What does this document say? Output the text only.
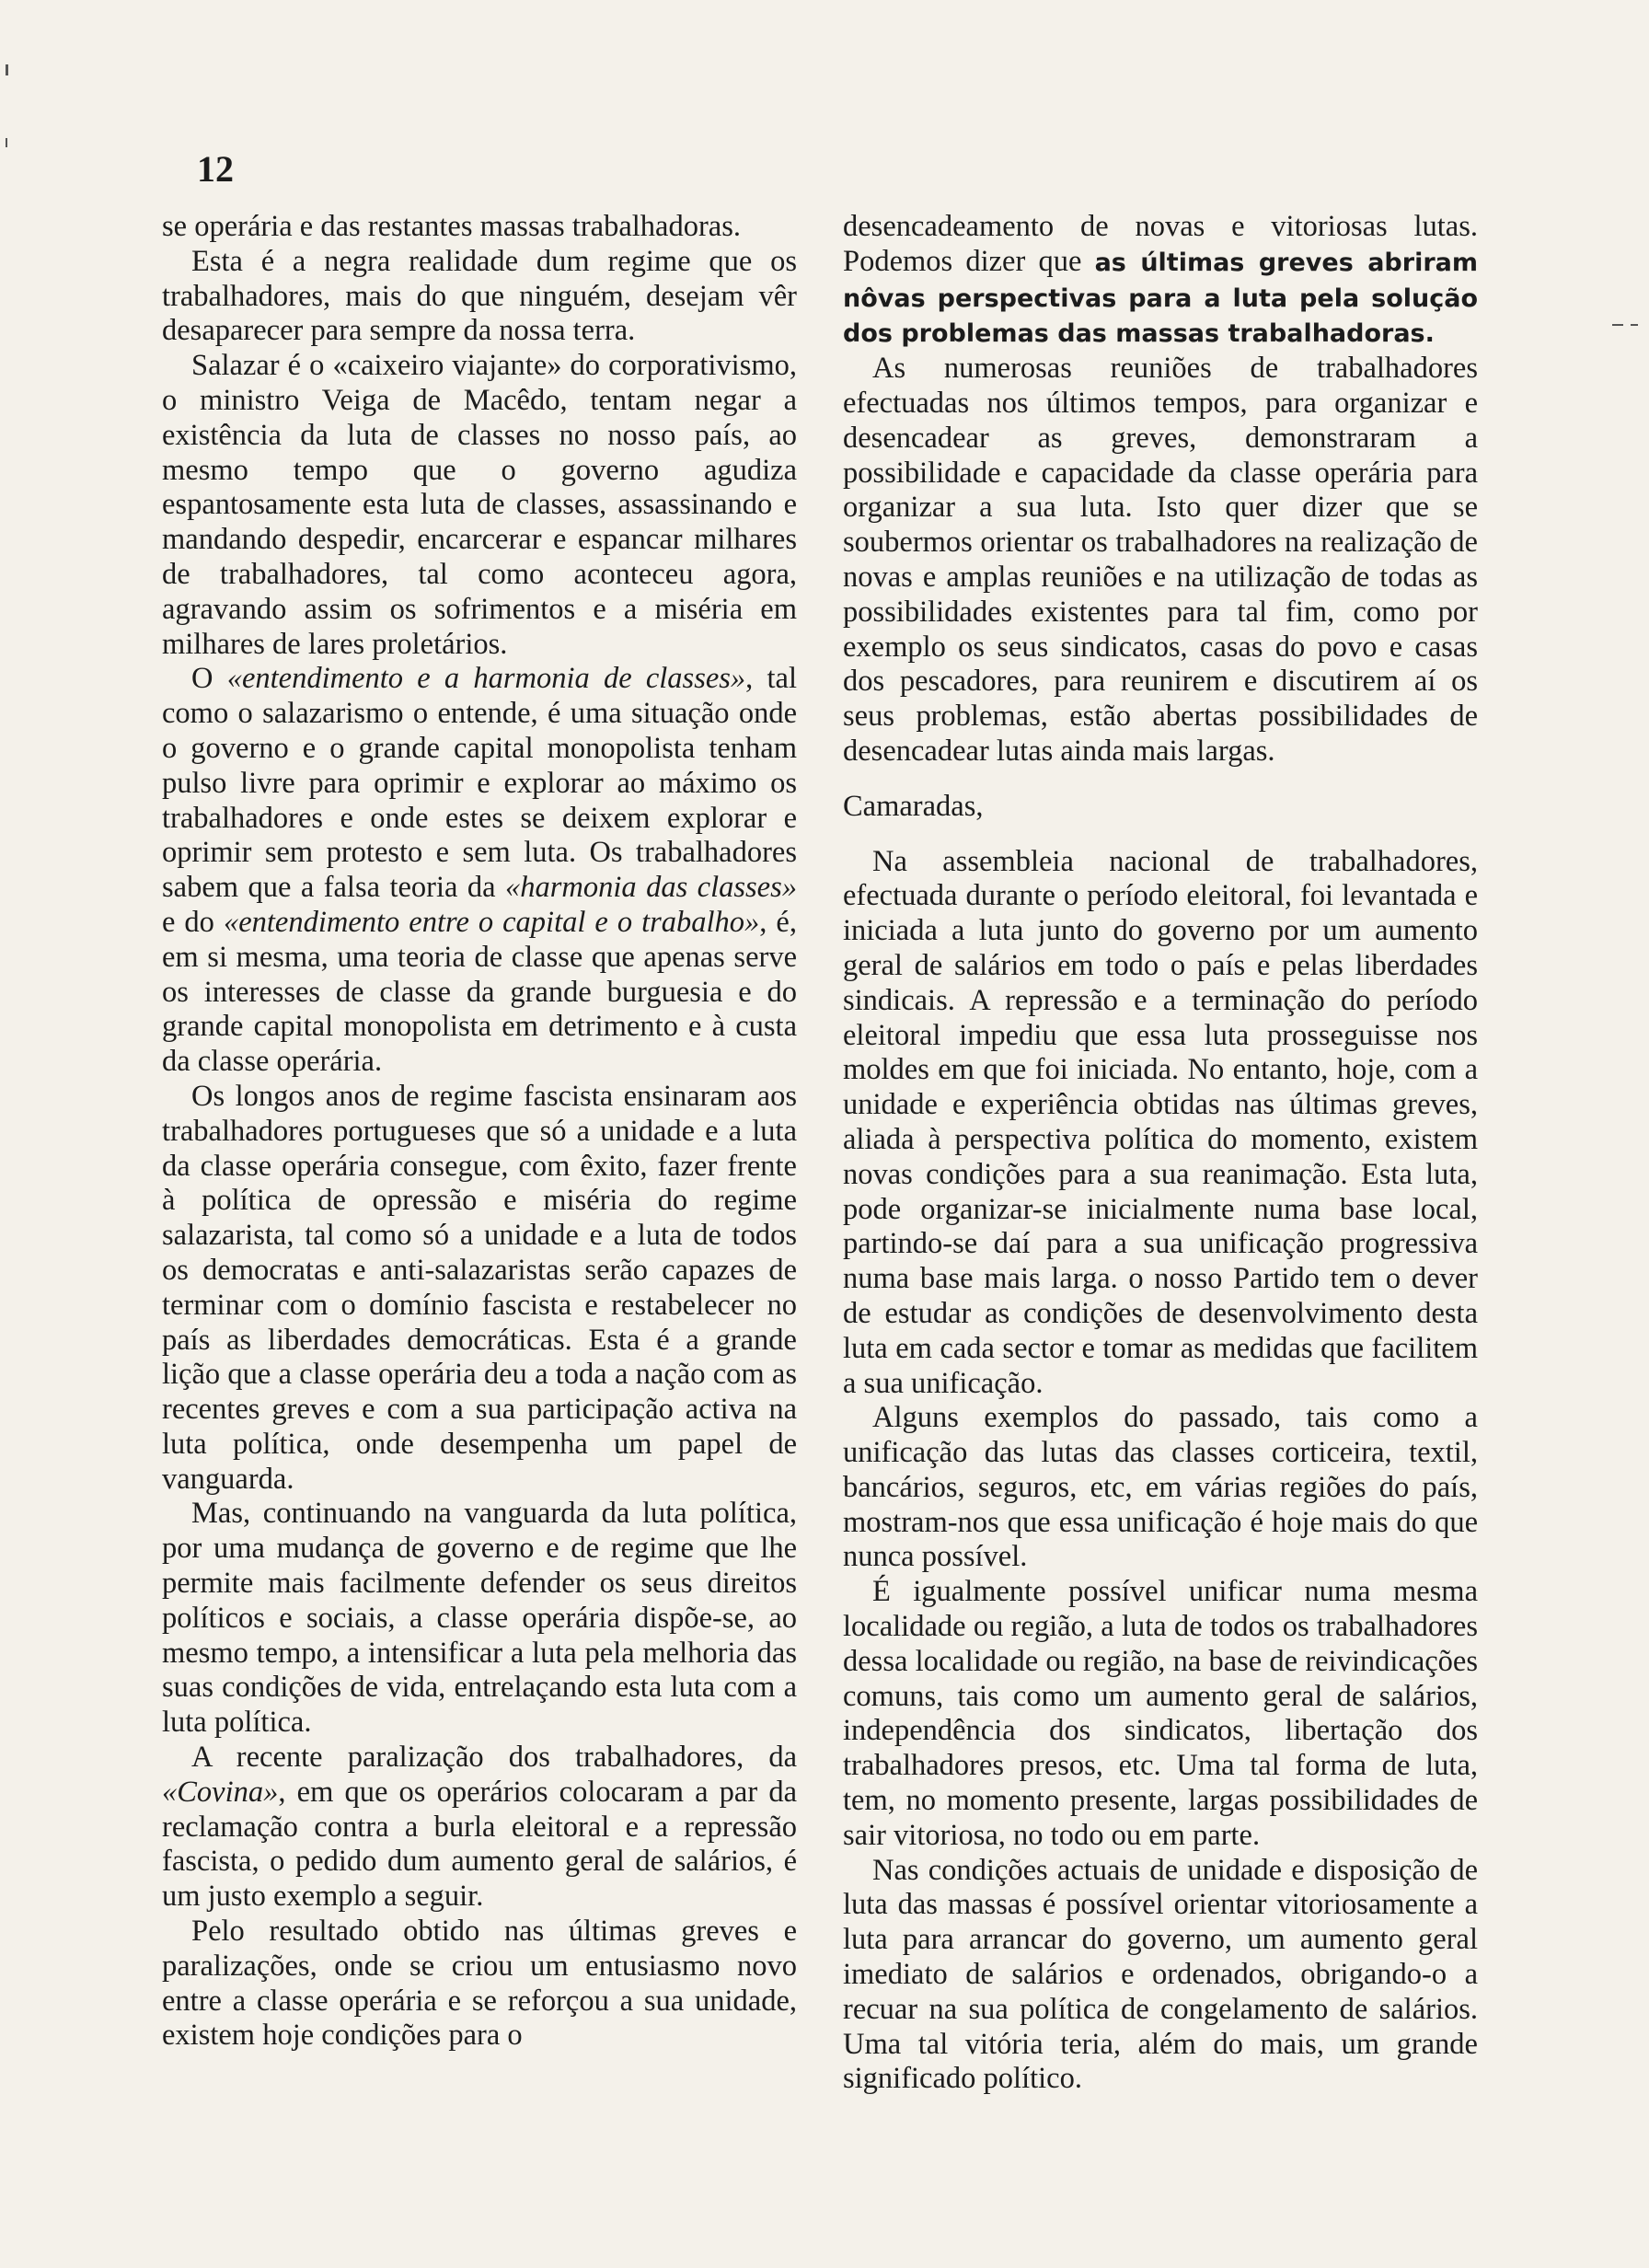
12

se operária e das restantes massas trabalhadoras.

Esta é a negra realidade dum regime que os trabalhadores, mais do que ninguém, desejam vêr desaparecer para sempre da nossa terra.

Salazar é o «caixeiro viajante» do corporativismo, o ministro Veiga de Macêdo, tentam negar a existência da luta de classes no nosso país, ao mesmo tempo que o governo agudiza espantosamente esta luta de classes, assassinando e mandando despedir, encarcerar e espancar milhares de trabalhadores, tal como aconteceu agora, agravando assim os sofrimentos e a miséria em milhares de lares proletários.

O «entendimento e a harmonia de classes», tal como o salazarismo o entende, é uma situação onde o governo e o grande capital monopolista tenham pulso livre para oprimir e explorar ao máximo os trabalhadores e onde estes se deixem explorar e oprimir sem protesto e sem luta. Os trabalhadores sabem que a falsa teoria da «harmonia das classes» e do «entendimento entre o capital e o trabalho», é, em si mesma, uma teoria de classe que apenas serve os interesses de classe da grande burguesia e do grande capital monopolista em detrimento e à custa da classe operária.

Os longos anos de regime fascista ensinaram aos trabalhadores portugueses que só a unidade e a luta da classe operária consegue, com êxito, fazer frente à política de opressão e miséria do regime salazarista, tal como só a unidade e a luta de todos os democratas e anti-salazaristas serão capazes de terminar com o domínio fascista e restabelecer no país as liberdades democráticas. Esta é a grande lição que a classe operária deu a toda a nação com as recentes greves e com a sua participação activa na luta política, onde desempenha um papel de vanguarda.

Mas, continuando na vanguarda da luta política, por uma mudança de governo e de regime que lhe permite mais facilmente defender os seus direitos políticos e sociais, a classe operária dispõe-se, ao mesmo tempo, a intensificar a luta pela melhoria das suas condições de vida, entrelaçando esta luta com a luta política.

A recente paralização dos trabalhadores, da «Covina», em que os operários colocaram a par da reclamação contra a burla eleitoral e a repressão fascista, o pedido dum aumento geral de salários, é um justo exemplo a seguir.

Pelo resultado obtido nas últimas greves e paralizações, onde se criou um entusiasmo novo entre a classe operária e se reforçou a sua unidade, existem hoje condições para o

desencadeamento de novas e vitoriosas lutas. Podemos dizer que as últimas greves abriram nôvas perspectivas para a luta pela solução dos problemas das massas trabalhadoras.

As numerosas reuniões de trabalhadores efectuadas nos últimos tempos, para organizar e desencadear as greves, demonstraram a possibilidade e capacidade da classe operária para organizar a sua luta. Isto quer dizer que se soubermos orientar os trabalhadores na realização de novas e amplas reuniões e na utilização de todas as possibilidades existentes para tal fim, como por exemplo os seus sindicatos, casas do povo e casas dos pescadores, para reunirem e discutirem aí os seus problemas, estão abertas possibilidades de desencadear lutas ainda mais largas.

Camaradas,

Na assembleia nacional de trabalhadores, efectuada durante o período eleitoral, foi levantada e iniciada a luta junto do governo por um aumento geral de salários em todo o país e pelas liberdades sindicais. A repressão e a terminação do período eleitoral impediu que essa luta prosseguisse nos moldes em que foi iniciada. No entanto, hoje, com a unidade e experiência obtidas nas últimas greves, aliada à perspectiva política do momento, existem novas condições para a sua reanimação. Esta luta, pode organizar-se inicialmente numa base local, partindo-se daí para a sua unificação progressiva numa base mais larga. o nosso Partido tem o dever de estudar as condições de desenvolvimento desta luta em cada sector e tomar as medidas que facilitem a sua unificação.

Alguns exemplos do passado, tais como a unificação das lutas das classes corticeira, textil, bancários, seguros, etc, em várias regiões do país, mostram-nos que essa unificação é hoje mais do que nunca possível.

É igualmente possível unificar numa mesma localidade ou região, a luta de todos os trabalhadores dessa localidade ou região, na base de reivindicações comuns, tais como um aumento geral de salários, independência dos sindicatos, libertação dos trabalhadores presos, etc. Uma tal forma de luta, tem, no momento presente, largas possibilidades de sair vitoriosa, no todo ou em parte.

Nas condições actuais de unidade e disposição de luta das massas é possível orientar vitoriosamente a luta para arrancar do governo, um aumento geral imediato de salários e ordenados, obrigando-o a recuar na sua política de congelamento de salários. Uma tal vitória teria, além do mais, um grande significado político.
